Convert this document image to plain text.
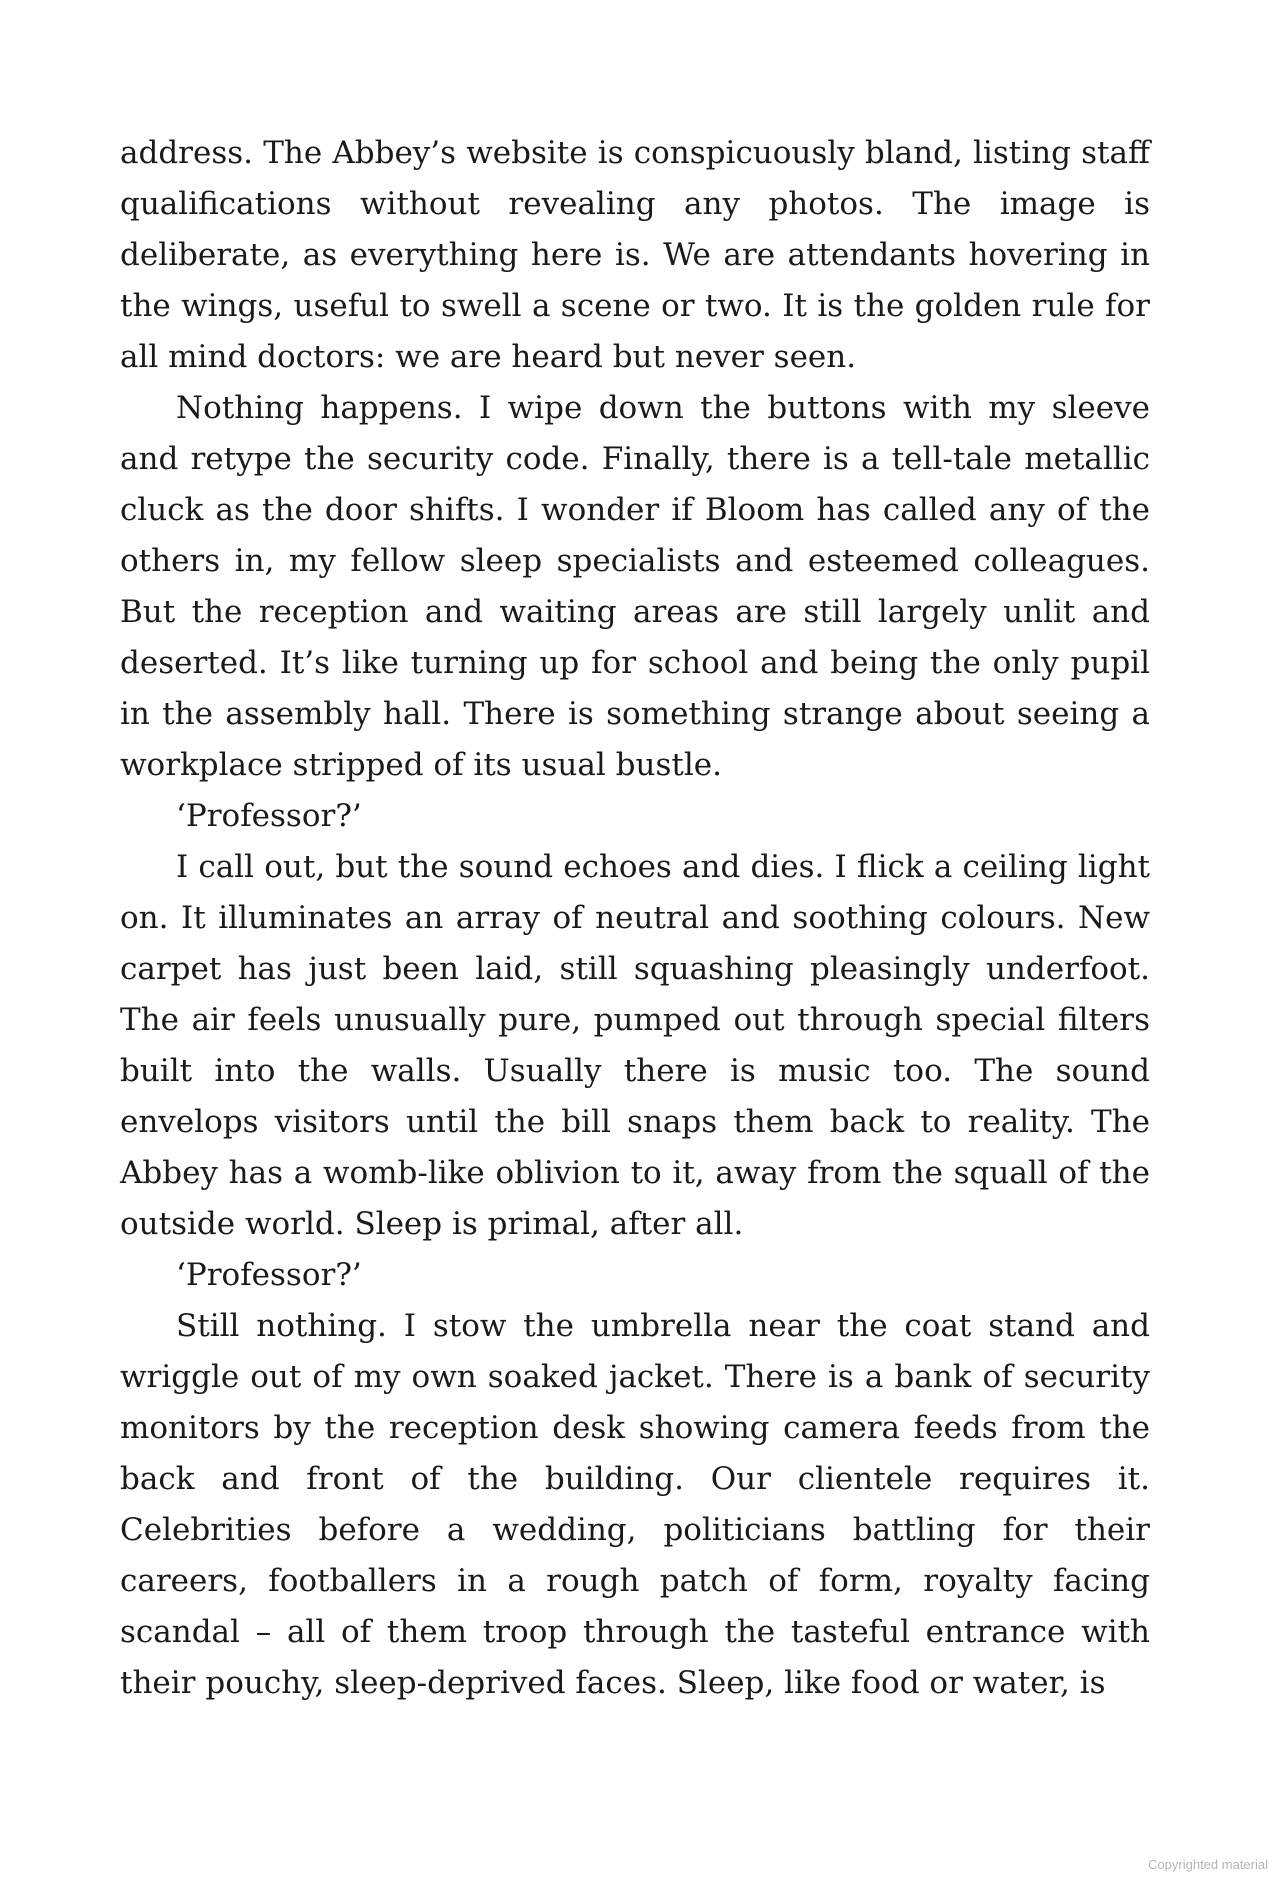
address. The Abbey’s website is conspicuously bland, listing staff qualifications without revealing any photos. The image is deliberate, as everything here is. We are attendants hovering in the wings, useful to swell a scene or two. It is the golden rule for all mind doctors: we are heard but never seen.

Nothing happens. I wipe down the buttons with my sleeve and retype the security code. Finally, there is a tell-tale metallic cluck as the door shifts. I wonder if Bloom has called any of the others in, my fellow sleep specialists and esteemed colleagues. But the reception and waiting areas are still largely unlit and deserted. It’s like turning up for school and being the only pupil in the assembly hall. There is something strange about seeing a workplace stripped of its usual bustle.

‘Professor?’

I call out, but the sound echoes and dies. I flick a ceiling light on. It illuminates an array of neutral and soothing colours. New carpet has just been laid, still squashing pleasingly underfoot. The air feels unusually pure, pumped out through special filters built into the walls. Usually there is music too. The sound envelops visitors until the bill snaps them back to reality. The Abbey has a womb-like oblivion to it, away from the squall of the outside world. Sleep is primal, after all.

‘Professor?’

Still nothing. I stow the umbrella near the coat stand and wriggle out of my own soaked jacket. There is a bank of security monitors by the reception desk showing camera feeds from the back and front of the building. Our clientele requires it. Celebrities before a wedding, politicians battling for their careers, footballers in a rough patch of form, royalty facing scandal – all of them troop through the tasteful entrance with their pouchy, sleep-deprived faces. Sleep, like food or water, is

Copyrighted material
